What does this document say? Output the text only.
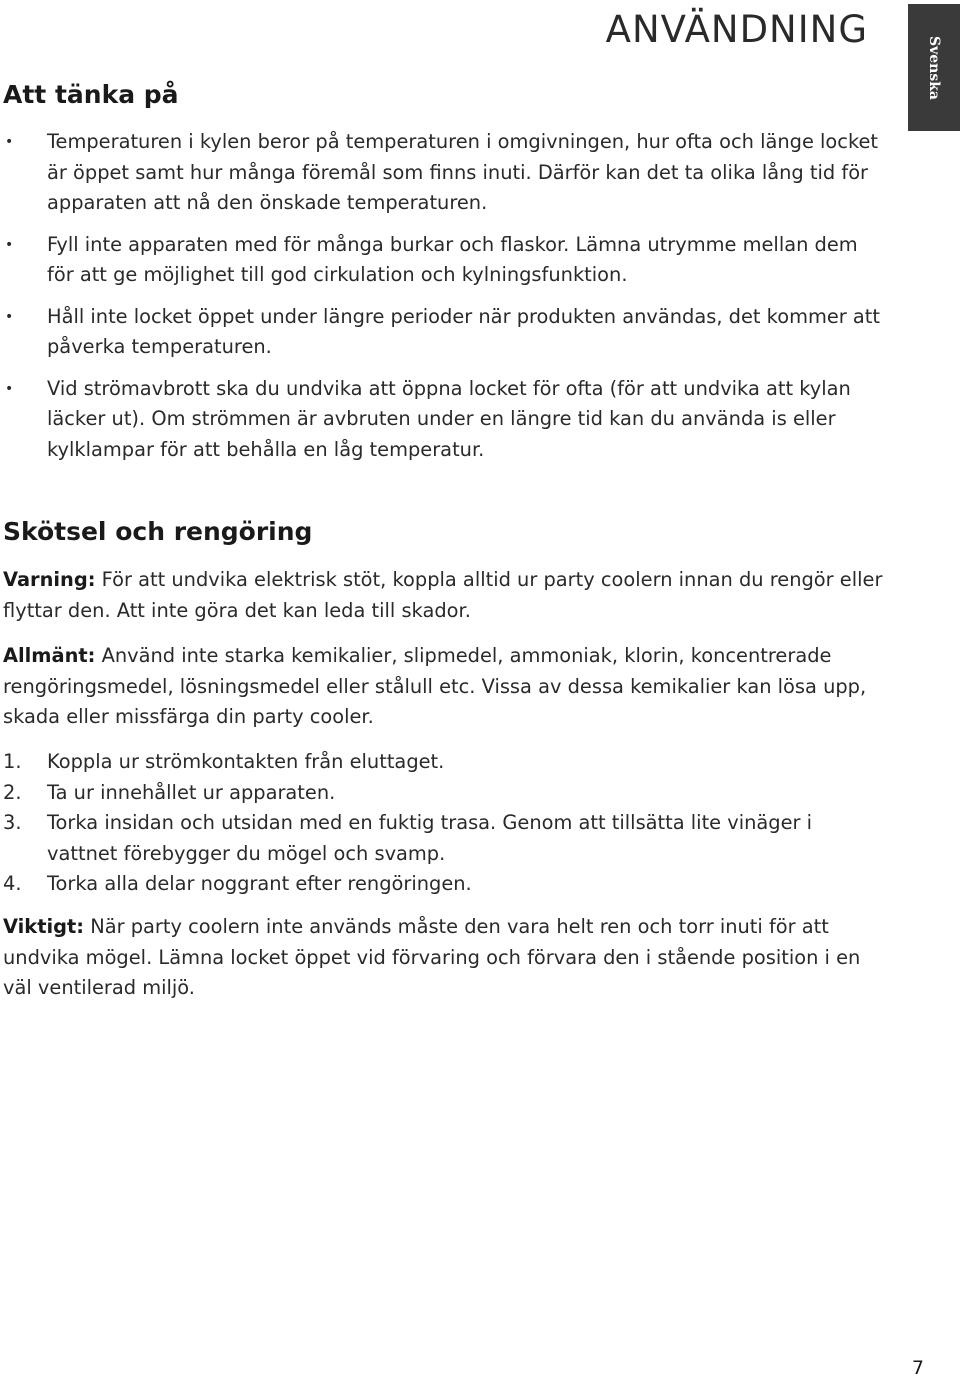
ANVÄNDNING
Svenska
Att tänka på
• Temperaturen i kylen beror på temperaturen i omgivningen, hur ofta och länge locket är öppet samt hur många föremål som finns inuti. Därför kan det ta olika lång tid för apparaten att nå den önskade temperaturen.
• Fyll inte apparaten med för många burkar och flaskor. Lämna utrymme mellan dem för att ge möjlighet till god cirkulation och kylningsfunktion.
• Håll inte locket öppet under längre perioder när produkten användas, det kommer att påverka temperaturen.
• Vid strömavbrott ska du undvika att öppna locket för ofta (för att undvika att kylan läcker ut). Om strömmen är avbruten under en längre tid kan du använda is eller kylklampar för att behålla en låg temperatur.
Skötsel och rengöring

Varning: För att undvika elektrisk stöt, koppla alltid ur party coolern innan du rengör eller flyttar den. Att inte göra det kan leda till skador.

Allmänt: Använd inte starka kemikalier, slipmedel, ammoniak, klorin, koncentrerade rengöringsmedel, lösningsmedel eller stålull etc. Vissa av dessa kemikalier kan lösa upp, skada eller missfärga din party cooler.

1. Koppla ur strömkontakten från eluttaget.
2. Ta ur innehållet ur apparaten.
3. Torka insidan och utsidan med en fuktig trasa. Genom att tillsätta lite vinäger i vattnet förebygger du mögel och svamp.
4. Torka alla delar noggrant efter rengöringen.

Viktigt: När party coolern inte används måste den vara helt ren och torr inuti för att undvika mögel. Lämna locket öppet vid förvaring och förvara den i stående position i en väl ventilerad miljö.

7
